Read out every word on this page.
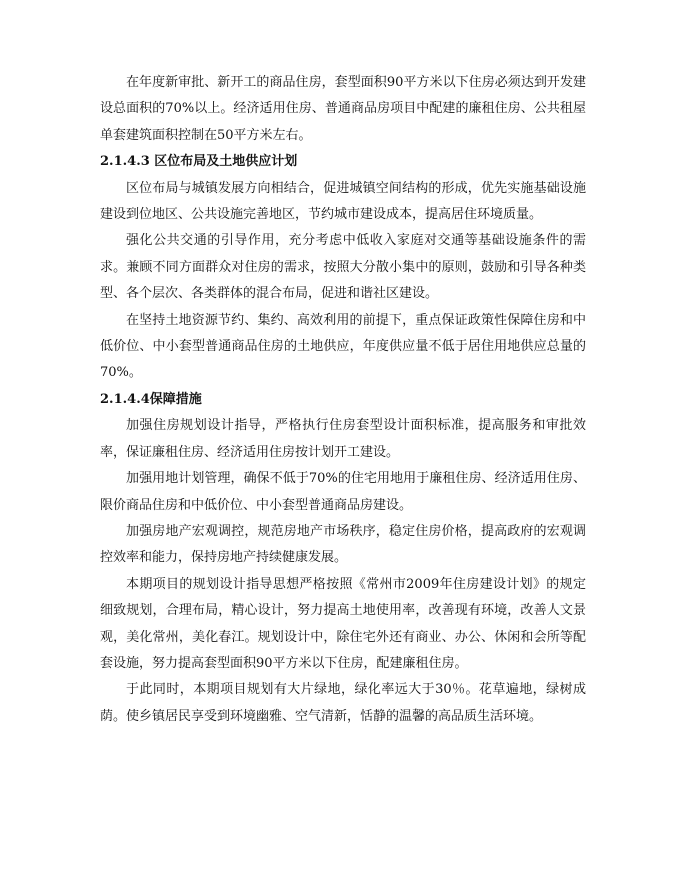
在年度新审批、新开工的商品住房，套型面积90平方米以下住房必须达到开发建设总面积的70%以上。经济适用住房、普通商品房项目中配建的廉租住房、公共租屋单套建筑面积控制在50平方米左右。

2.1.4.3 区位布局及土地供应计划

区位布局与城镇发展方向相结合，促进城镇空间结构的形成，优先实施基础设施建设到位地区、公共设施完善地区，节约城市建设成本，提高居住环境质量。

强化公共交通的引导作用，充分考虑中低收入家庭对交通等基础设施条件的需求。兼顾不同方面群众对住房的需求，按照大分散小集中的原则，鼓励和引导各种类型、各个层次、各类群体的混合布局，促进和谐社区建设。

在坚持土地资源节约、集约、高效利用的前提下，重点保证政策性保障住房和中低价位、中小套型普通商品住房的土地供应，年度供应量不低于居住用地供应总量的70%。

2.1.4.4保障措施

加强住房规划设计指导，严格执行住房套型设计面积标准，提高服务和审批效率，保证廉租住房、经济适用住房按计划开工建设。

加强用地计划管理，确保不低于70%的住宅用地用于廉租住房、经济适用住房、限价商品住房和中低价位、中小套型普通商品房建设。

加强房地产宏观调控，规范房地产市场秩序，稳定住房价格，提高政府的宏观调控效率和能力，保持房地产持续健康发展。

本期项目的规划设计指导思想严格按照《常州市2009年住房建设计划》的规定细致规划，合理布局，精心设计，努力提高土地使用率，改善现有环境，改善人文景观，美化常州，美化春江。规划设计中，除住宅外还有商业、办公、休闲和会所等配套设施，努力提高套型面积90平方米以下住房，配建廉租住房。

于此同时，本期项目规划有大片绿地，绿化率远大于30％。花草遍地，绿树成荫。使乡镇居民享受到环境幽雅、空气清新，恬静的温馨的高品质生活环境。
